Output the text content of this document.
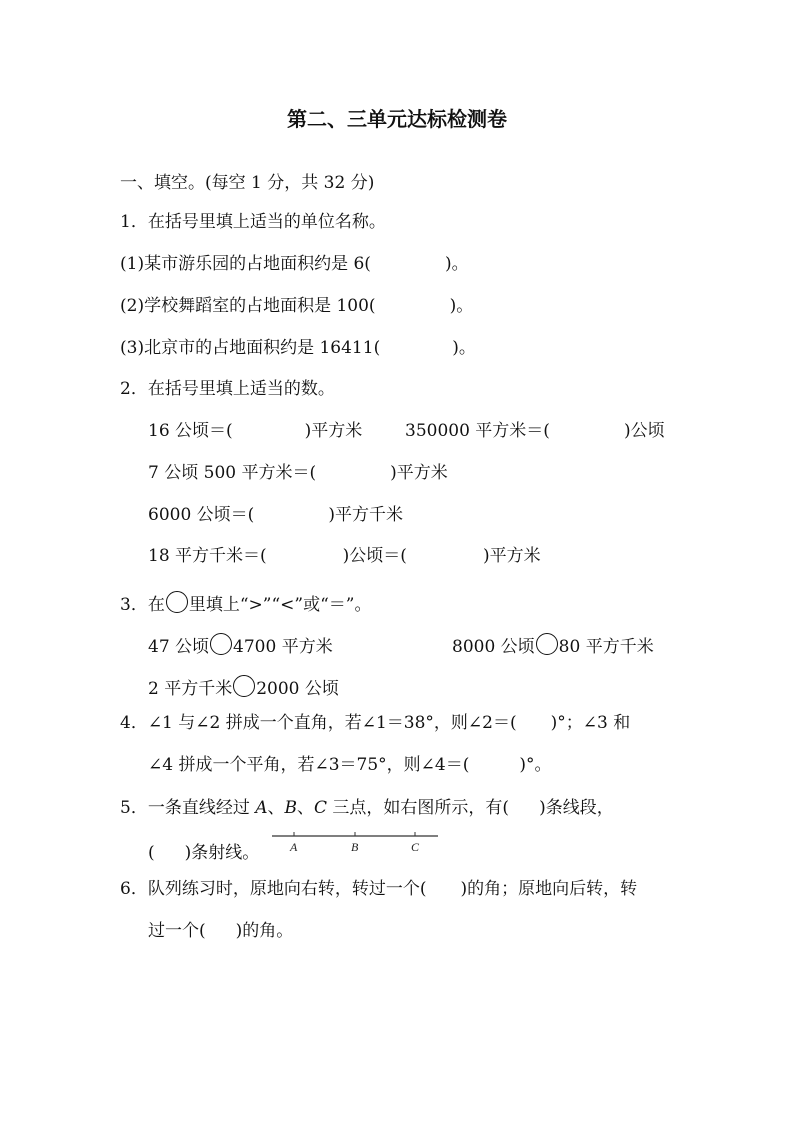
第二、三单元达标检测卷
一、填空。(每空 1 分，共 32 分)
1．在括号里填上适当的单位名称。
(1)某市游乐园的占地面积约是 6(	)。
(2)学校舞蹈室的占地面积是 100(	)。
(3)北京市的占地面积约是 16411(	)。
2．在括号里填上适当的数。
16 公顷＝(	)平方米	350000 平方米＝(	)公顷
7 公顷 500 平方米＝(	)平方米
6000 公顷＝(	)平方千米
18 平方千米＝(	)公顷＝(	)平方米
3．在 里填上“>”“<”或“＝”。
47 公顷 4700 平方米	8000 公顷 80 平方千米
2 平方千米 2000 公顷
4．∠1 与∠2 拼成一个直角，若∠1＝38°，则∠2＝( )°；∠3 和
∠4 拼成一个平角，若∠3＝75°，则∠4＝(	)°。
5．一条直线经过 A、B、C 三点，如右图所示，有( )条线段，
( )条射线。	A	B	C
6．队列练习时，原地向右转，转过一个( )的角；原地向后转，转
过一个( )的角。
